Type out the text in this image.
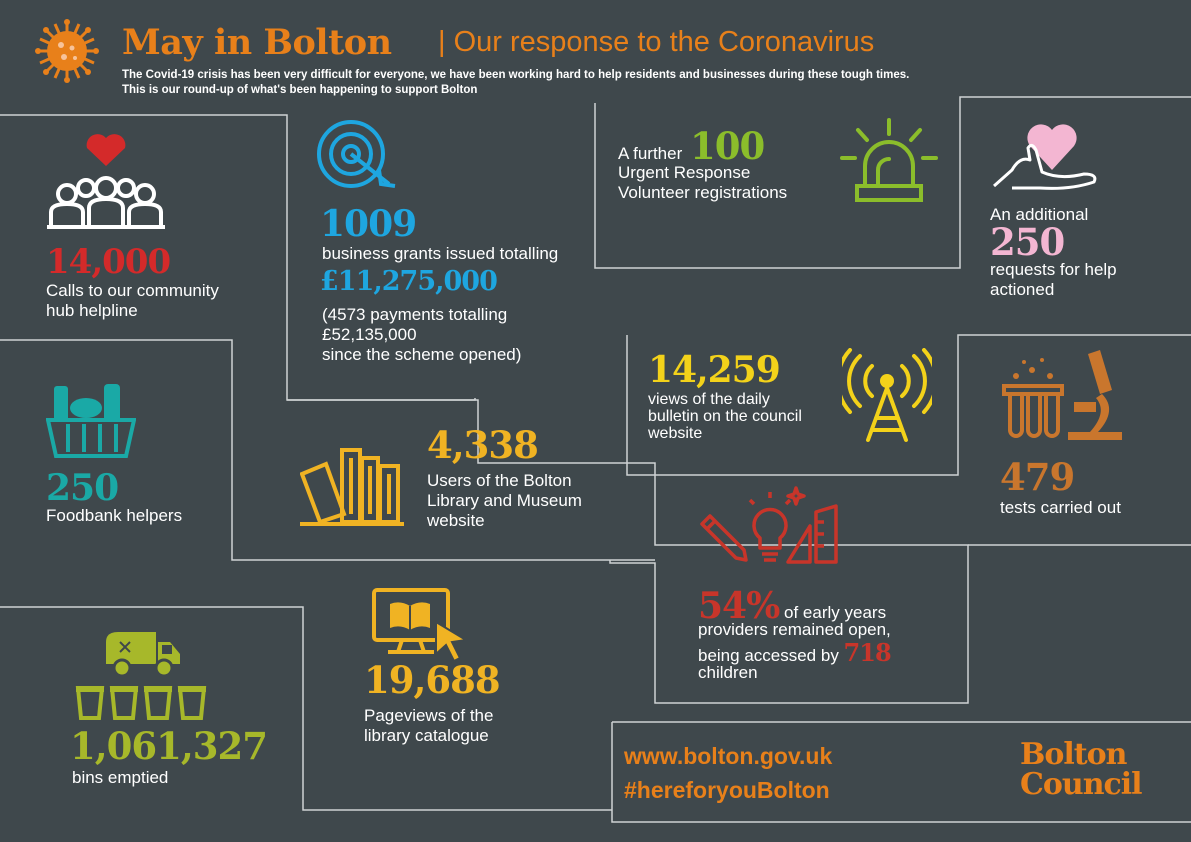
May in Bolton | Our response to the Coronavirus
The Covid-19 crisis has been very difficult for everyone, we have been working hard to help residents and businesses during these tough times.
This is our round-up of what's been happening to support Bolton
14,000
Calls to our community
hub helpline
1009
business grants issued totalling
£11,275,000
(4573 payments totalling
£52,135,000
since the scheme opened)
A further 100
Urgent Response
Volunteer registrations
An additional
250
requests for help
actioned
250
Foodbank helpers
4,338
Users of the Bolton
Library and Museum
website
14,259
views of the daily
bulletin on the council
website
479
tests carried out
54% of early years
providers remained open,
being accessed by 718
children
19,688
Pageviews of the
library catalogue
1,061,327
bins emptied
www.bolton.gov.uk
#hereforyouBolton
Bolton
Council
